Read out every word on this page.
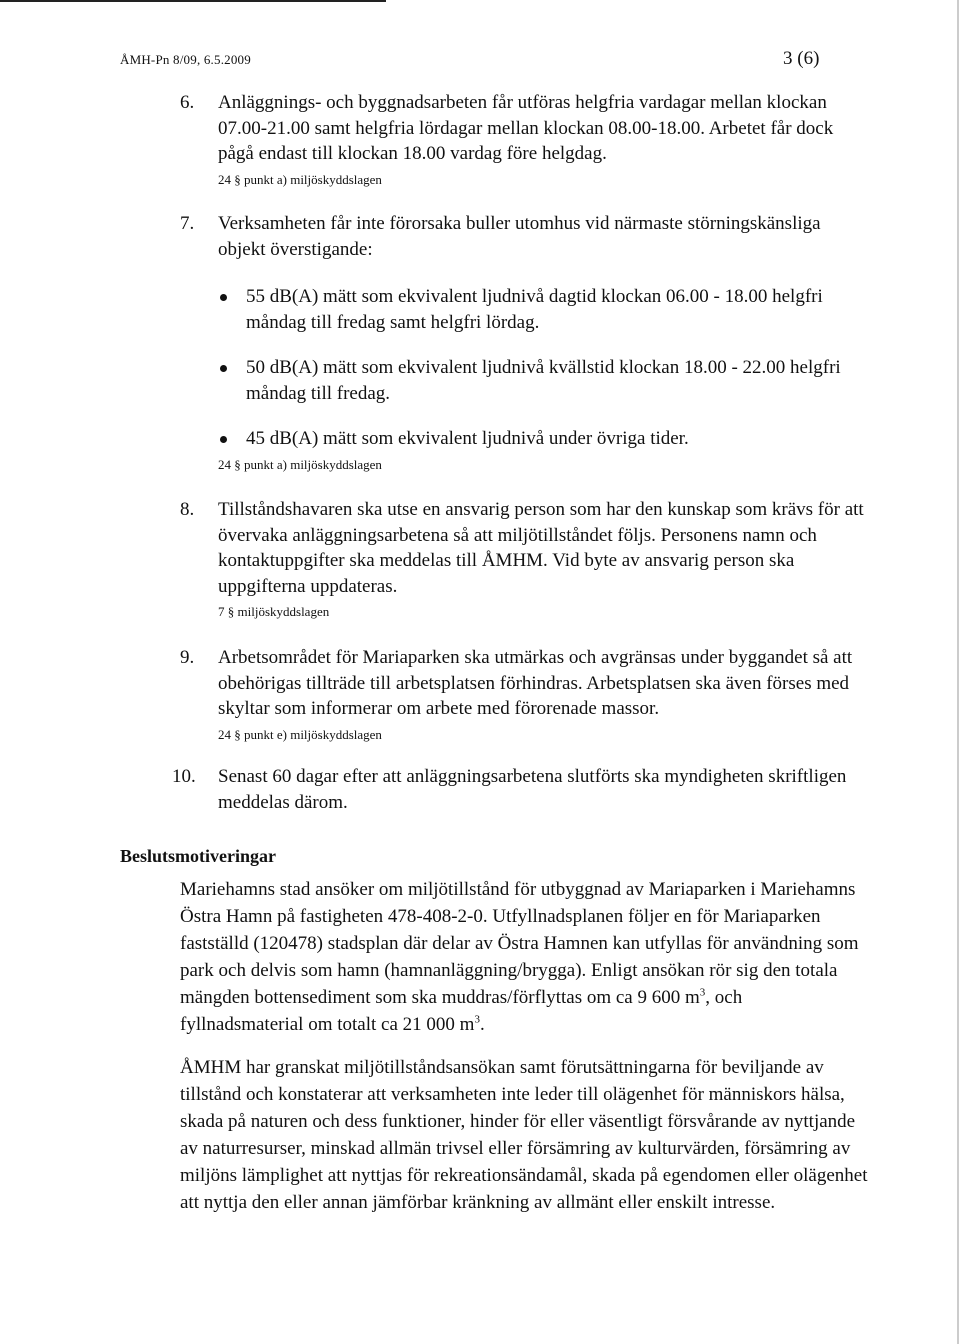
ÅMH-Pn 8/09, 6.5.2009	3 (6)
6. Anläggnings- och byggnadsarbeten får utföras helgfria vardagar mellan klockan 07.00-21.00 samt helgfria lördagar mellan klockan 08.00-18.00. Arbetet får dock pågå endast till klockan 18.00 vardag före helgdag.
24 § punkt a) miljöskyddslagen
7. Verksamheten får inte förorsaka buller utomhus vid närmaste störningskänsliga objekt överstigande:
55 dB(A) mätt som ekvivalent ljudnivå dagtid klockan 06.00 - 18.00 helgfri måndag till fredag samt helgfri lördag.
50 dB(A) mätt som ekvivalent ljudnivå kvällstid klockan 18.00 - 22.00 helgfri måndag till fredag.
45 dB(A) mätt som ekvivalent ljudnivå under övriga tider.
24 § punkt a) miljöskyddslagen
8. Tillståndshavaren ska utse en ansvarig person som har den kunskap som krävs för att övervaka anläggningsarbetena så att miljötillståndet följs. Personens namn och kontaktuppgifter ska meddelas till ÅMHM. Vid byte av ansvarig person ska uppgifterna uppdateras.
7 § miljöskyddslagen
9. Arbetsområdet för Mariaparken ska utmärkas och avgränsas under byggandet så att obehörigas tillträde till arbetsplatsen förhindras. Arbetsplatsen ska även förses med skyltar som informerar om arbete med förorenade massor.
24 § punkt e) miljöskyddslagen
10. Senast 60 dagar efter att anläggningsarbetena slutförts ska myndigheten skriftligen meddelas därom.
Beslutsmotiveringar
Mariehamns stad ansöker om miljötillstånd för utbyggnad av Mariaparken i Mariehamns Östra Hamn på fastigheten 478-408-2-0. Utfyllnadsplanen följer en för Mariaparken fastställd (120478) stadsplan där delar av Östra Hamnen kan utfyllas för användning som park och delvis som hamn (hamnanläggning/brygga). Enligt ansökan rör sig den totala mängden bottensediment som ska muddras/förflyttas om ca 9 600 $m^3$, och fyllnadsmaterial om totalt ca 21 000 $m^3$.
ÅMHM har granskat miljötillståndsansökan samt förutsättningarna för beviljande av tillstånd och konstaterar att verksamheten inte leder till olägenhet för människors hälsa, skada på naturen och dess funktioner, hinder för eller väsentligt försvårande av nyttjande av naturresurser, minskad allmän trivsel eller försämring av kulturvärden, försämring av miljöns lämplighet att nyttjas för rekreationsändamål, skada på egendomen eller olägenhet att nyttja den eller annan jämförbar kränkning av allmänt eller enskilt intresse.
